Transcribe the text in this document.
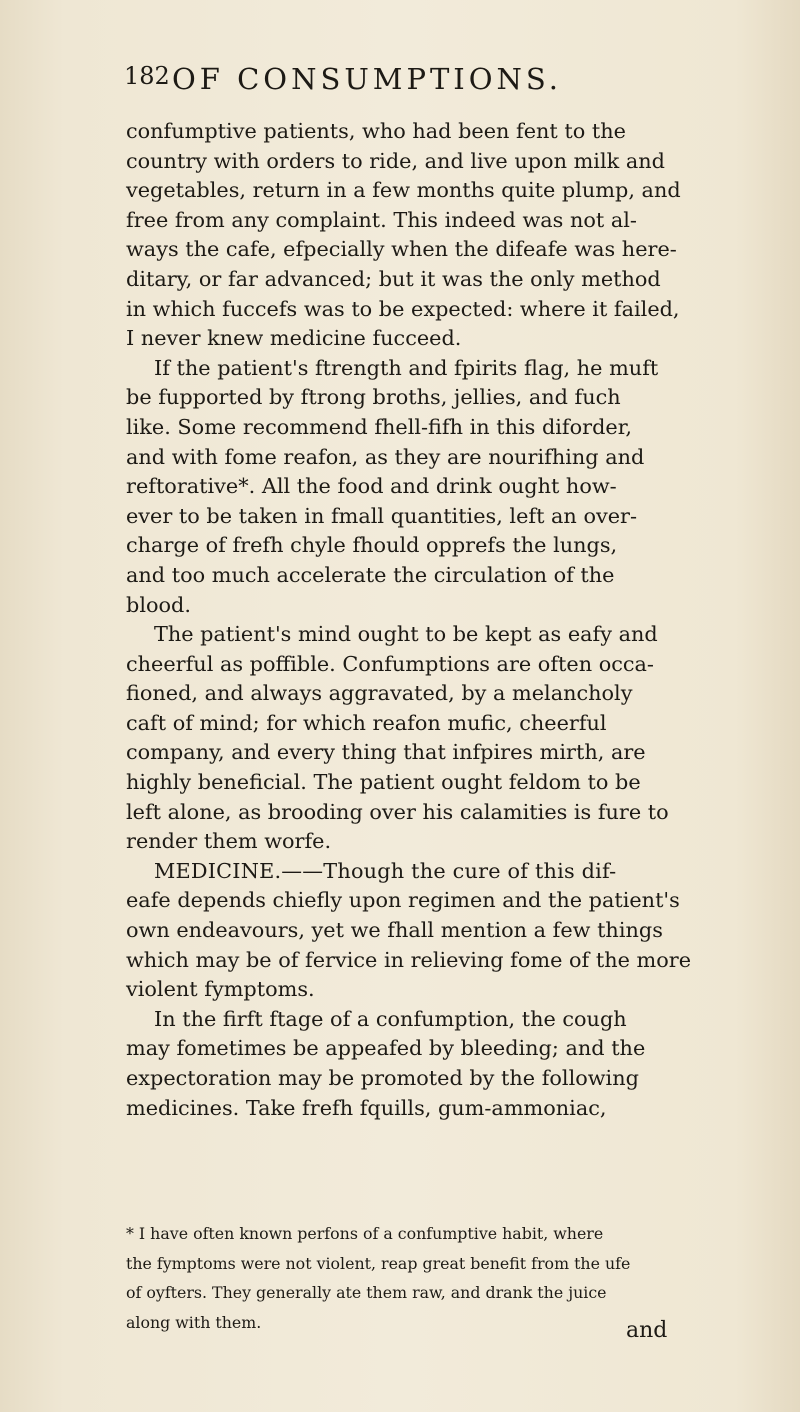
182 OF CONSUMPTIONS.
confumptive patients, who had been fent to the
country with orders to ride, and live upon milk and
vegetables, return in a few months quite plump, and
free from any complaint. This indeed was not al-
ways the cafe, efpecially when the difeafe was here-
ditary, or far advanced; but it was the only method
in which fuccefs was to be expected: where it failed,
I never knew medicine fucceed.
If the patient's ftrength and fpirits flag, he muft
be fupported by ftrong broths, jellies, and fuch
like. Some recommend fhell-fifh in this diforder,
and with fome reafon, as they are nourifhing and
reftorative*. All the food and drink ought how-
ever to be taken in fmall quantities, left an over-
charge of frefh chyle fhould opprefs the lungs,
and too much accelerate the circulation of the
blood.
The patient's mind ought to be kept as eafy and
cheerful as poffible. Confumptions are often occa-
fioned, and always aggravated, by a melancholy
caft of mind; for which reafon mufic, cheerful
company, and every thing that infpires mirth, are
highly beneficial. The patient ought feldom to be
left alone, as brooding over his calamities is fure to
render them worfe.
MEDICINE.——Though the cure of this dif-
eafe depends chiefly upon regimen and the patient's
own endeavours, yet we fhall mention a few things
which may be of fervice in relieving fome of the more
violent fymptoms.
In the firft ftage of a confumption, the cough
may fometimes be appeafed by bleeding; and the
expectoration may be promoted by the following
medicines. Take frefh fquills, gum-ammoniac,
* I have often known perfons of a confumptive habit, where
the fymptoms were not violent, reap great benefit from the ufe
of oyfters. They generally ate them raw, and drank the juice
along with them.	and
